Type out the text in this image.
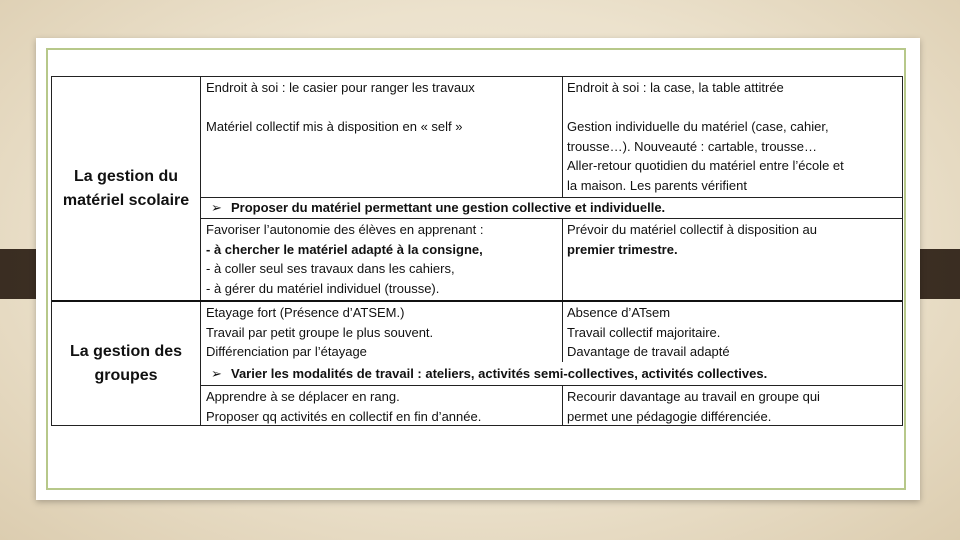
La gestion du matériel scolaire
Endroit à soi : le casier pour ranger les travaux
Matériel collectif mis à disposition en « self »
Endroit à soi : la case, la table attitrée
Gestion individuelle du matériel (case, cahier,
trousse…). Nouveauté : cartable, trousse…
Aller-retour quotidien du matériel entre l’école et
la maison. Les parents vérifient
➢ Proposer du matériel permettant une gestion collective et individuelle.
Favoriser l’autonomie des élèves en apprenant :
- à chercher le matériel adapté à la consigne,
- à coller seul ses travaux dans les cahiers,
- à gérer du matériel individuel (trousse).
Prévoir du matériel collectif à disposition au
premier trimestre.
La gestion des groupes
Etayage fort (Présence d’ATSEM.)
Travail par petit groupe le plus souvent.
Différenciation par l’étayage
Absence d’ATsem
Travail collectif majoritaire.
Davantage de travail adapté
➢ Varier les modalités de travail : ateliers, activités semi-collectives, activités collectives.
Apprendre à se déplacer en rang.
Proposer qq activités en collectif en fin d’année.
Recourir davantage au travail en groupe qui
permet une pédagogie différenciée.
